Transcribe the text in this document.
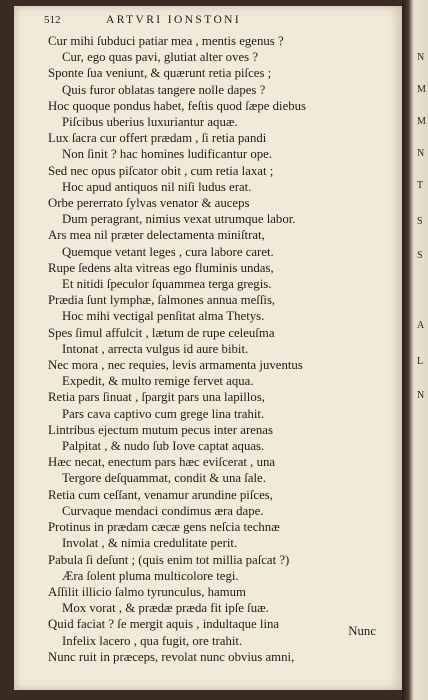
512	ARTVRI IONSTONI
Cur mihi ſubduci patiar mea , mentis egenus ?
Cur, ego quas pavi, glutiat alter oves ?
Sponte ſua veniunt, & quærunt retia piſces ;
Quis furor oblatas tangere nolle dapes ?
Hoc quoque pondus habet, feſtis quod ſæpe diebus
Piſcibus uberius luxuriantur aquæ.
Lux ſacra cur offert prædam , ſi retia pandi
Non ſinit ? hac homines ludificantur ope.
Sed nec opus piſcator obit , cum retia laxat ;
Hoc apud antiquos nil niſi ludus erat.
Orbe pererrato ſylvas venator & auceps
Dum peragrant, nimius vexat utrumque labor.
Ars mea nil præter delectamenta miniſtrat,
Quemque vetant leges , cura labore caret.
Rupe ſedens alta vitreas ego fluminis undas,
Et nitidi ſpeculor ſquammea terga gregis.
Prædia ſunt lymphæ, ſalmones annua meſſis,
Hoc mihi vectigal penſitat alma Thetys.
Spes ſimul affulcit , lætum de rupe celeuſma
Intonat , arrecta vulgus id aure bibit.
Nec mora , nec requies, levis armamenta juventus
Expedit, & multo remige fervet aqua.
Retia pars ſinuat , ſpargit pars una lapillos,
Pars cava captivo cum grege lina trahit.
Lintribus ejectum mutum pecus inter arenas
Palpitat , & nudo ſub Iove captat aquas.
Hæc necat, enectum pars hæc eviſcerat , una
Tergore deſquammat, condit & una ſale.
Retia cum ceſſant, venamur arundine piſces,
Curvaque mendaci condimus æra dape.
Protinus in prædam cæcæ gens neſcia technæ
Involat , & nimia credulitate perit.
Pabula ſi deſunt ; (quis enim tot millia paſcat ?)
Æra ſolent pluma multicolore tegi.
Aſſilit illicio ſalmo tyrunculus, hamum
Mox vorat , & prædæ præda fit ipſe ſuæ.
Quid faciat ? ſe mergit aquis , indultaque lina
Infelix lacero , qua fugit, ore trahit.
Nunc ruit in præceps, revolat nunc obvius amni,
Nunc
N
M
M
N
T
S
S
A
L
N
